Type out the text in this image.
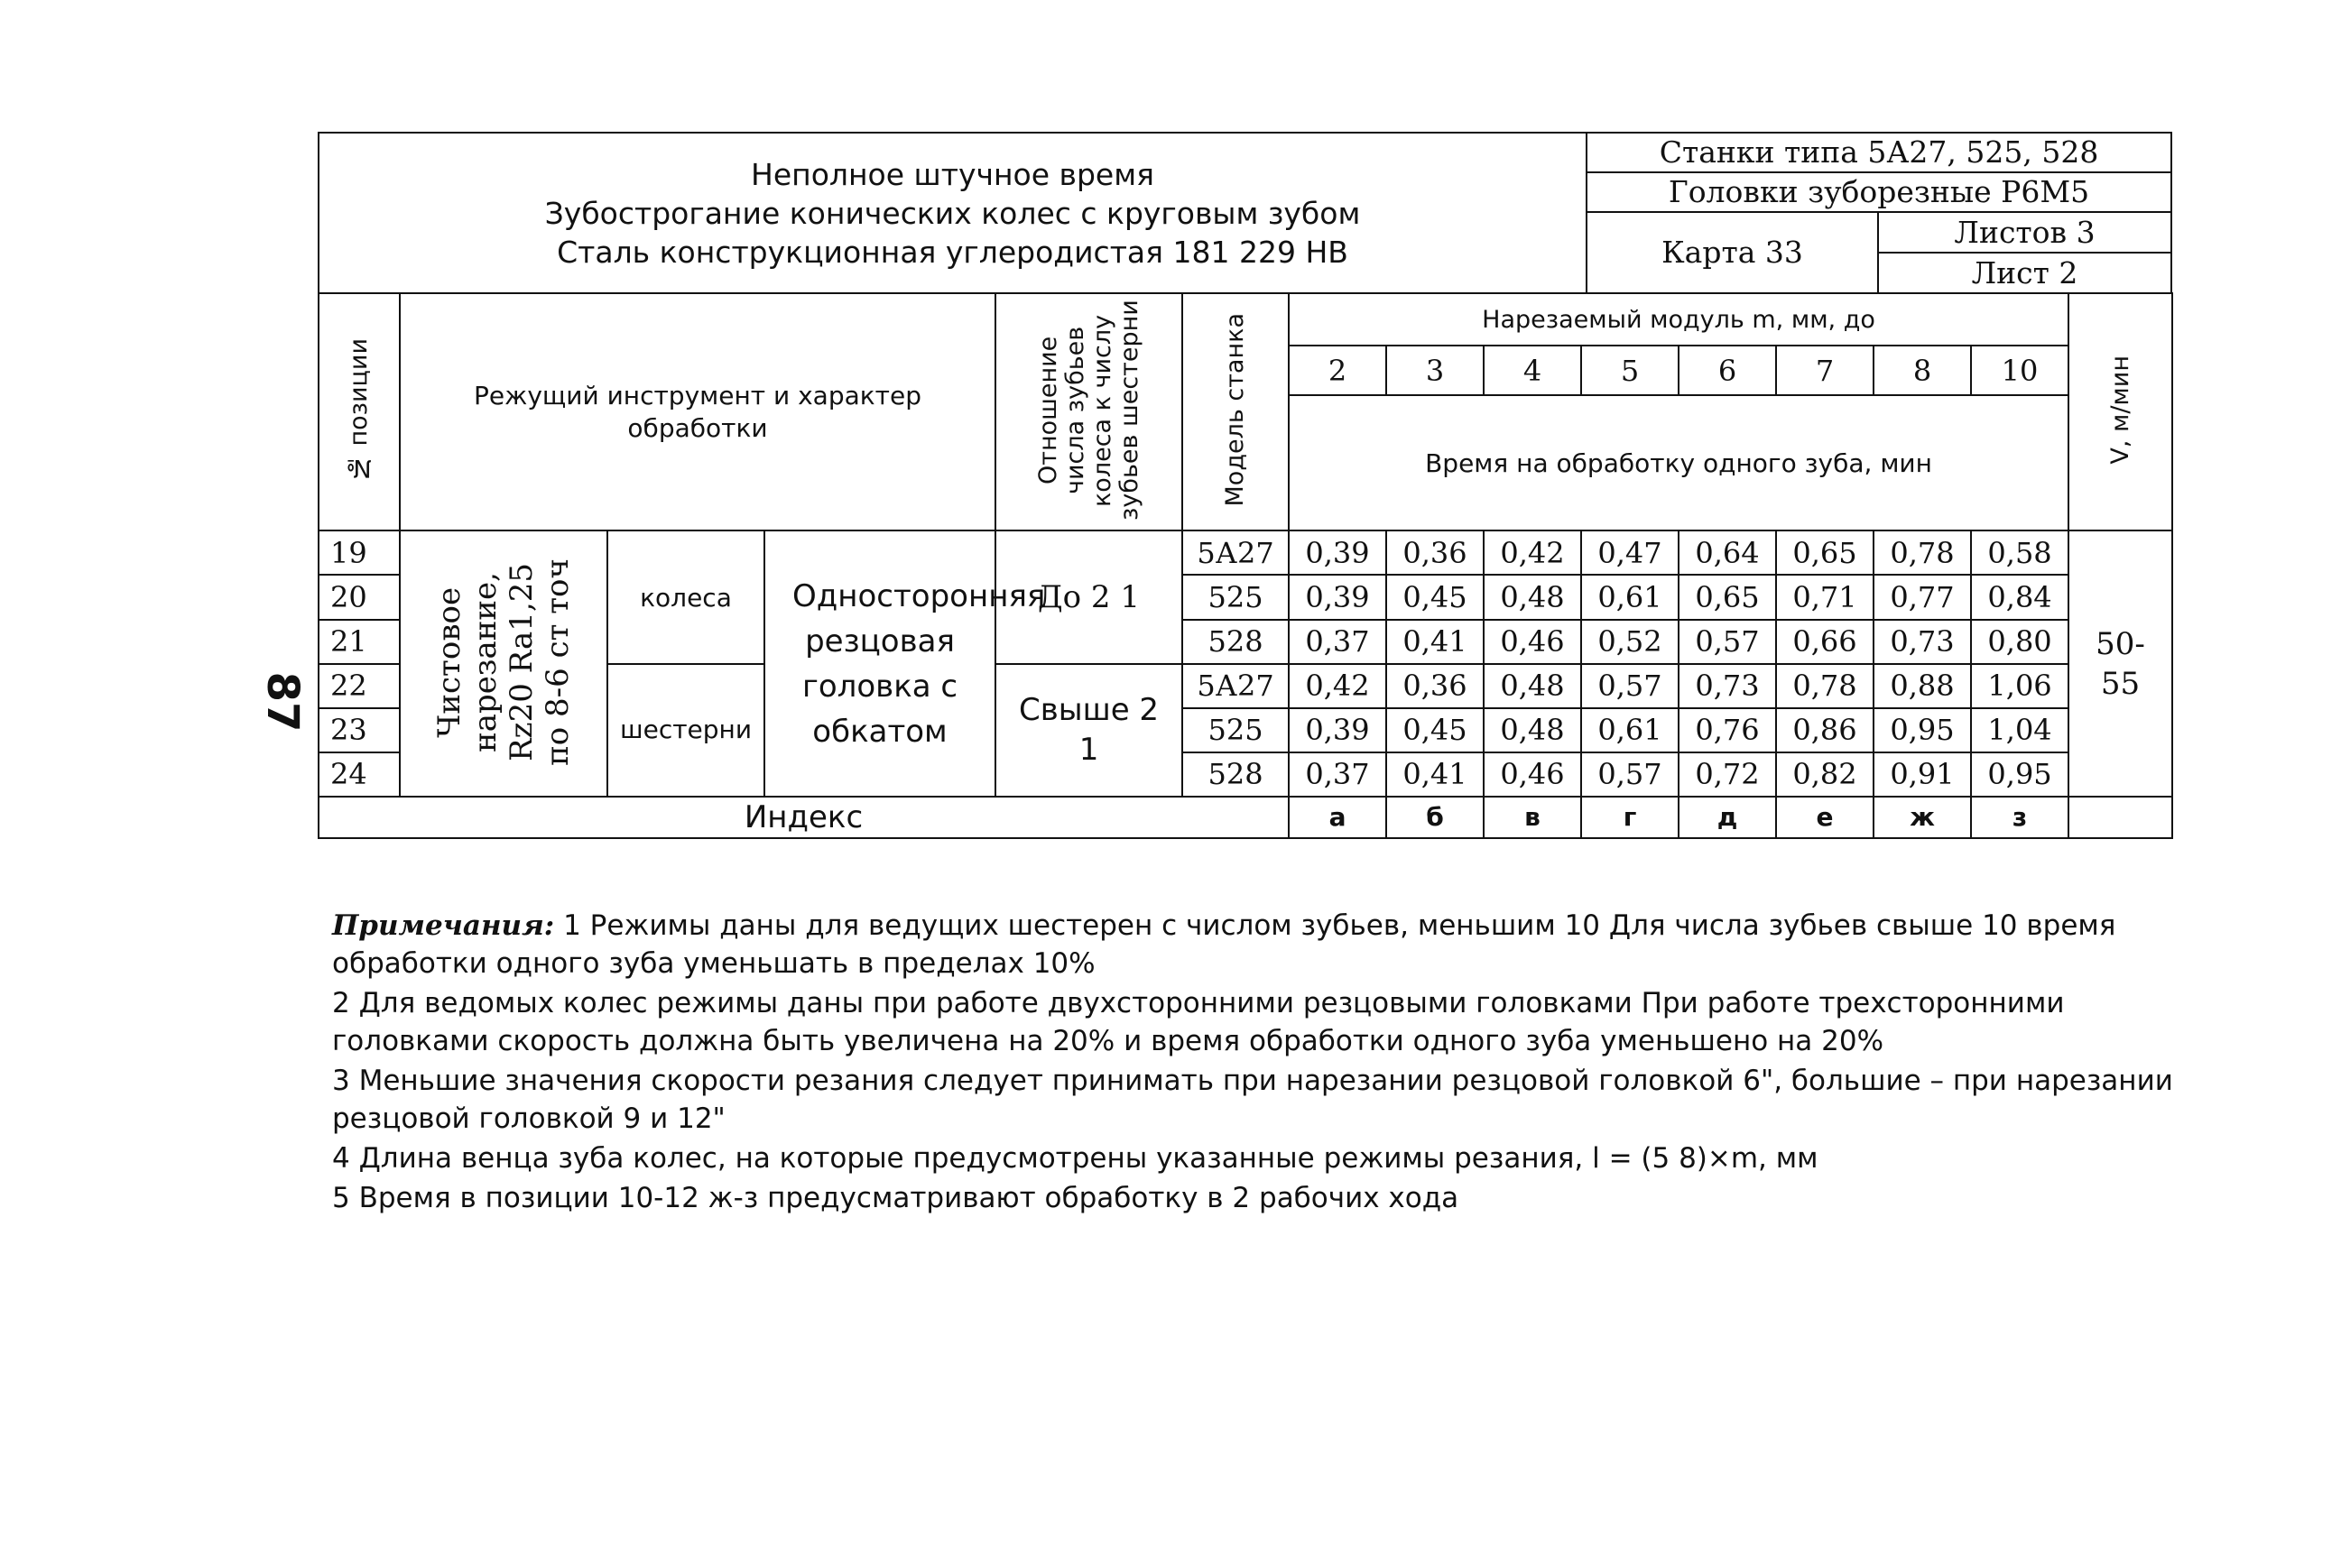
87
Неполное штучное время
Зубострогание конических колес с круговым зубом
Сталь конструкционная углеродистая 181 229 НВ	Станки типа 5А27, 525, 528	
	Головки зуборезные Р6М5	
	Карта 33	Листов 3
		Лист 2
№ позиции	Режущий инструмент и характер обработки			Отношение числа зубьев колеса к числу зубьев шестерни	Модель станка	Нарезаемый модуль m, мм, до								V, м/мин
						2	3	4	5	6	7	8	10	
						Время на обработку одного зуба, мин								
19	Чистовое
нарезание,
Rz20 Ra1,25
по 8-6 ст точ	колеса	Односторонняя резцовая головка с обкатом	До 2 1	5А27	0,39	0,36	0,42	0,47	0,64	0,65	0,78	0,58	50-55
20					525	0,39	0,45	0,48	0,61	0,65	0,71	0,77	0,84	
21					528	0,37	0,41	0,46	0,52	0,57	0,66	0,73	0,80	
22		шестерни		Свыше 2 1	5А27	0,42	0,36	0,48	0,57	0,73	0,78	0,88	1,06	
23					525	0,39	0,45	0,48	0,61	0,76	0,86	0,95	1,04	
24					528	0,37	0,41	0,46	0,57	0,72	0,82	0,91	0,95	
Индекс						а	б	в	г	д	е	ж	з	

Примечания: 1 Режимы даны для ведущих шестерен с числом зубьев, меньшим 10 Для числа зубьев свыше 10 время обработки одного зуба уменьшать в пределах 10%

2 Для ведомых колес режимы даны при работе двухсторонними резцовыми головками При работе трехсторонними головками скорость должна быть увеличена на 20% и время обработки одного зуба уменьшено на 20%

3 Меньшие значения скорости резания следует принимать при нарезании резцовой головкой 6", большие – при нарезании резцовой головкой 9 и 12"

4 Длина венца зуба колес, на которые предусмотрены указанные режимы резания, l = (5 8)×m, мм

5 Время в позиции 10-12 ж-з предусматривают обработку в 2 рабочих хода
